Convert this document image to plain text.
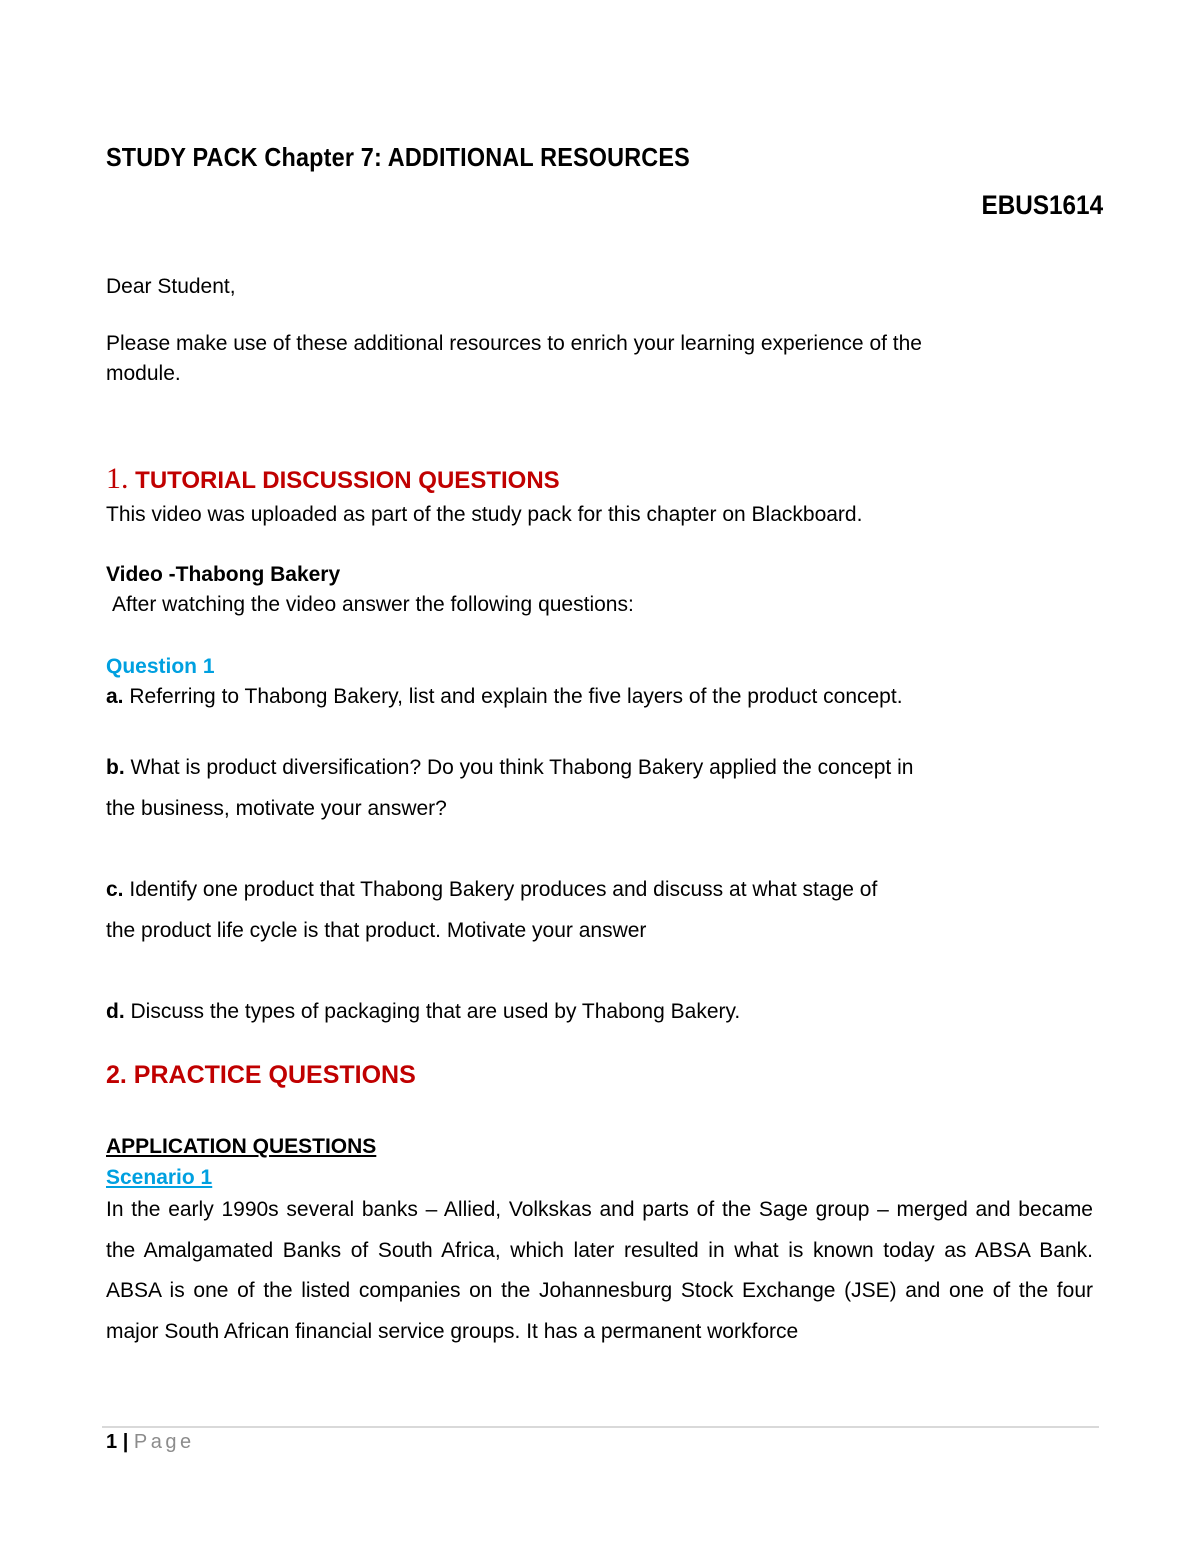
STUDY PACK Chapter 7: ADDITIONAL RESOURCES
EBUS1614
Dear Student,
Please make use of these additional resources to enrich your learning experience of the
module.
1. TUTORIAL DISCUSSION QUESTIONS
This video was uploaded as part of the study pack for this chapter on Blackboard.
Video -Thabong Bakery
After watching the video answer the following questions:
Question 1
a. Referring to Thabong Bakery, list and explain the five layers of the product concept.
b. What is product diversification? Do you think Thabong Bakery applied the concept in
the business, motivate your answer?
c. Identify one product that Thabong Bakery produces and discuss at what stage of
the product life cycle is that product. Motivate your answer
d. Discuss the types of packaging that are used by Thabong Bakery.
2. PRACTICE QUESTIONS
APPLICATION QUESTIONS
Scenario 1
In the early 1990s several banks – Allied, Volkskas and parts of the Sage group – merged and became the Amalgamated Banks of South Africa, which later resulted in what is known today as ABSA Bank. ABSA is one of the listed companies on the Johannesburg Stock Exchange (JSE) and one of the four major South African financial service groups. It has a permanent workforce
1 | Page
